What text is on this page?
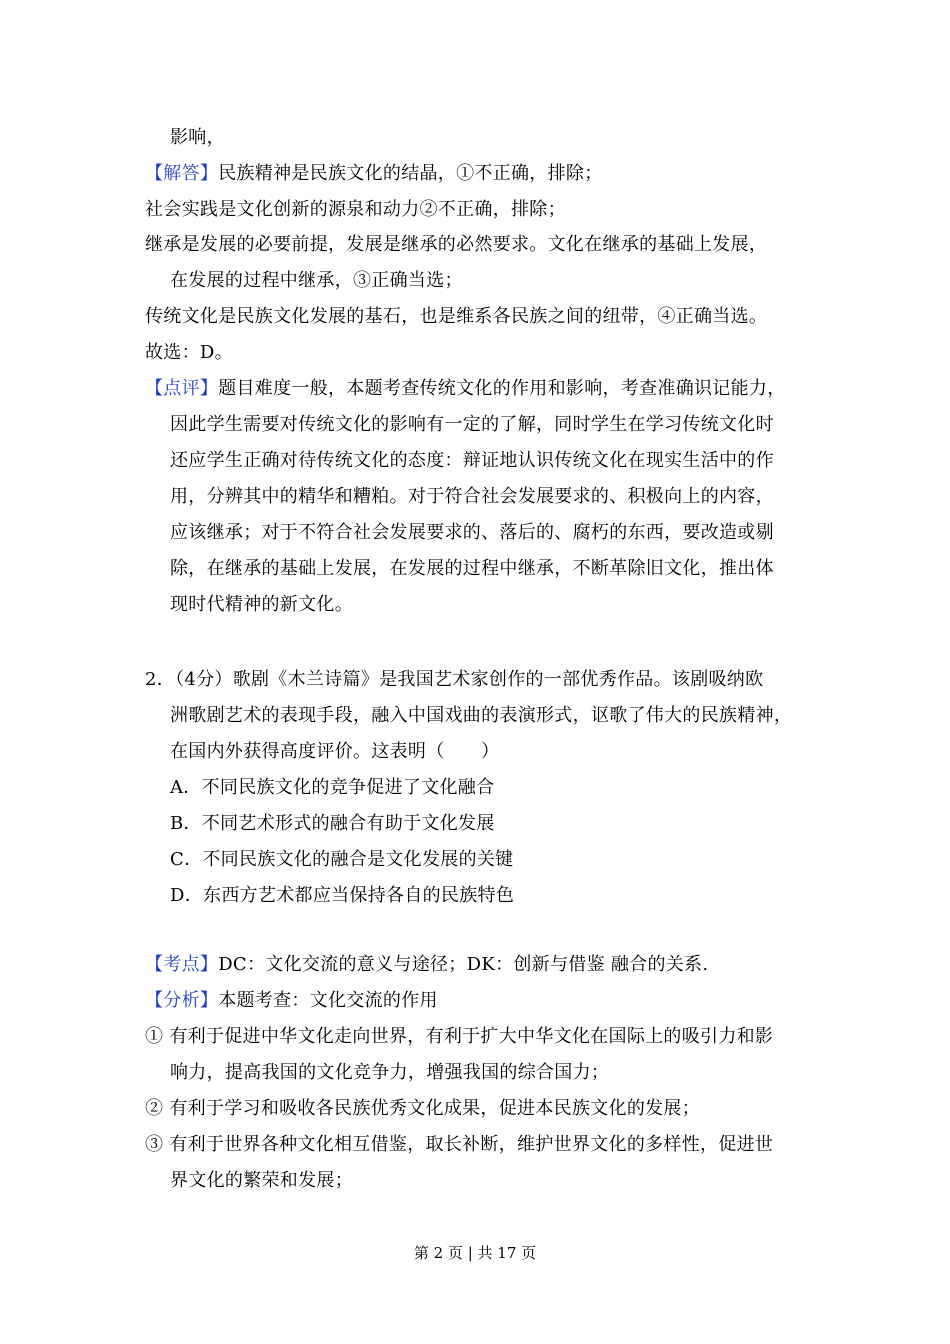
影响，
【解答】民族精神是民族文化的结晶，①不正确，排除；
社会实践是文化创新的源泉和动力②不正确，排除；
继承是发展的必要前提，发展是继承的必然要求。文化在继承的基础上发展，
在发展的过程中继承，③正确当选；
传统文化是民族文化发展的基石，也是维系各民族之间的纽带，④正确当选。
故选：D。
【点评】题目难度一般，本题考查传统文化的作用和影响，考查准确识记能力，
因此学生需要对传统文化的影响有一定的了解，同时学生在学习传统文化时
还应学生正确对待传统文化的态度：辩证地认识传统文化在现实生活中的作
用，分辨其中的精华和糟粕。对于符合社会发展要求的、积极向上的内容，
应该继承；对于不符合社会发展要求的、落后的、腐朽的东西，要改造或剔
除，在继承的基础上发展，在发展的过程中继承，不断革除旧文化，推出体
现时代精神的新文化。
2．（4分）歌剧《木兰诗篇》是我国艺术家创作的一部优秀作品。该剧吸纳欧
洲歌剧艺术的表现手段，融入中国戏曲的表演形式，讴歌了伟大的民族精神，
在国内外获得高度评价。这表明（　　）
A．不同民族文化的竞争促进了文化融合
B．不同艺术形式的融合有助于文化发展
C．不同民族文化的融合是文化发展的关键
D．东西方艺术都应当保持各自的民族特色
【考点】DC：文化交流的意义与途径；DK：创新与借鉴 融合的关系.
【分析】本题考查：文化交流的作用
① 有利于促进中华文化走向世界，有利于扩大中华文化在国际上的吸引力和影
响力，提高我国的文化竞争力，增强我国的综合国力；
② 有利于学习和吸收各民族优秀文化成果，促进本民族文化的发展；
③ 有利于世界各种文化相互借鉴，取长补断，维护世界文化的多样性，促进世
界文化的繁荣和发展；
第 2 页 | 共 17 页
